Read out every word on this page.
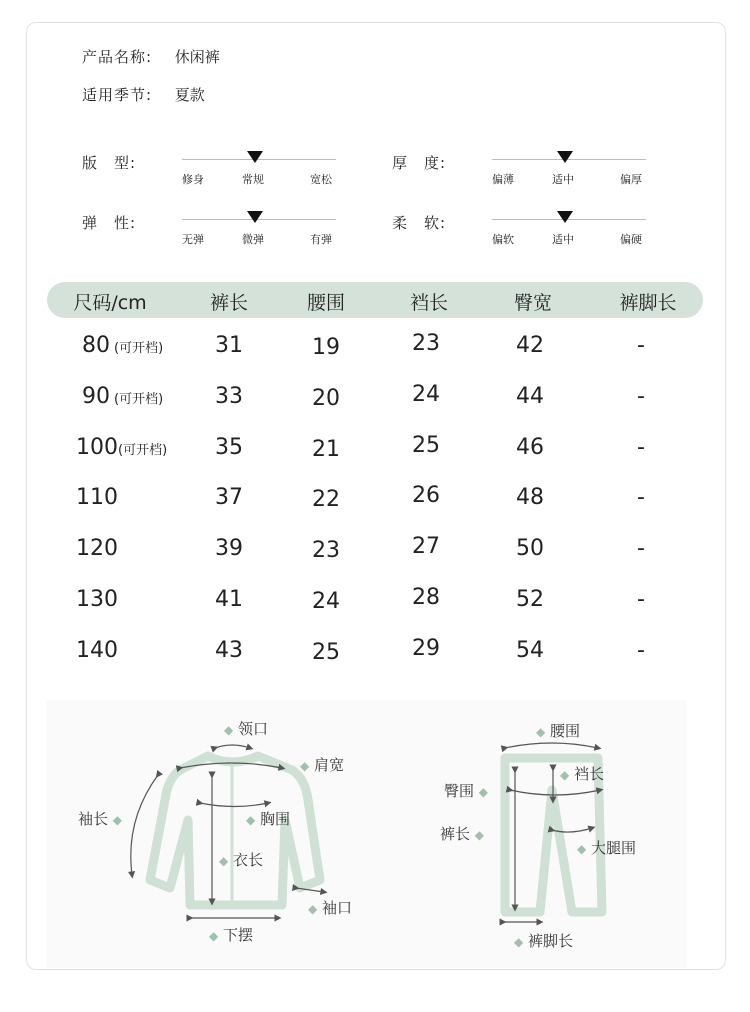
产品名称: 休闲裤
适用季节: 夏款
版　型:
修身	常规	宽松
厚　度:
偏薄	适中	偏厚
弹　性:
无弹	微弹	有弹
柔　软:
偏软	适中	偏硬
尺码/cm	裤长	腰围	裆长	臀宽	裤脚长
80 (可开档) 31	19	23	42	-
90 (可开档) 33	20	24	44	-
100(可开档) 35	21	25	46	-
110	37	22	26	48	-
120	39	23	27	50	-
130	41	24	28	52	-
140	43	25	29	54	-
◆ 领口
◆ 肩宽
袖长 ◆	◆ 胸围
◆ 衣长
◆ 袖口
◆ 下摆
◆ 腰围
臀围 ◆
◆ 裆长
裤长 ◆
◆ 大腿围
◆ 裤脚长
